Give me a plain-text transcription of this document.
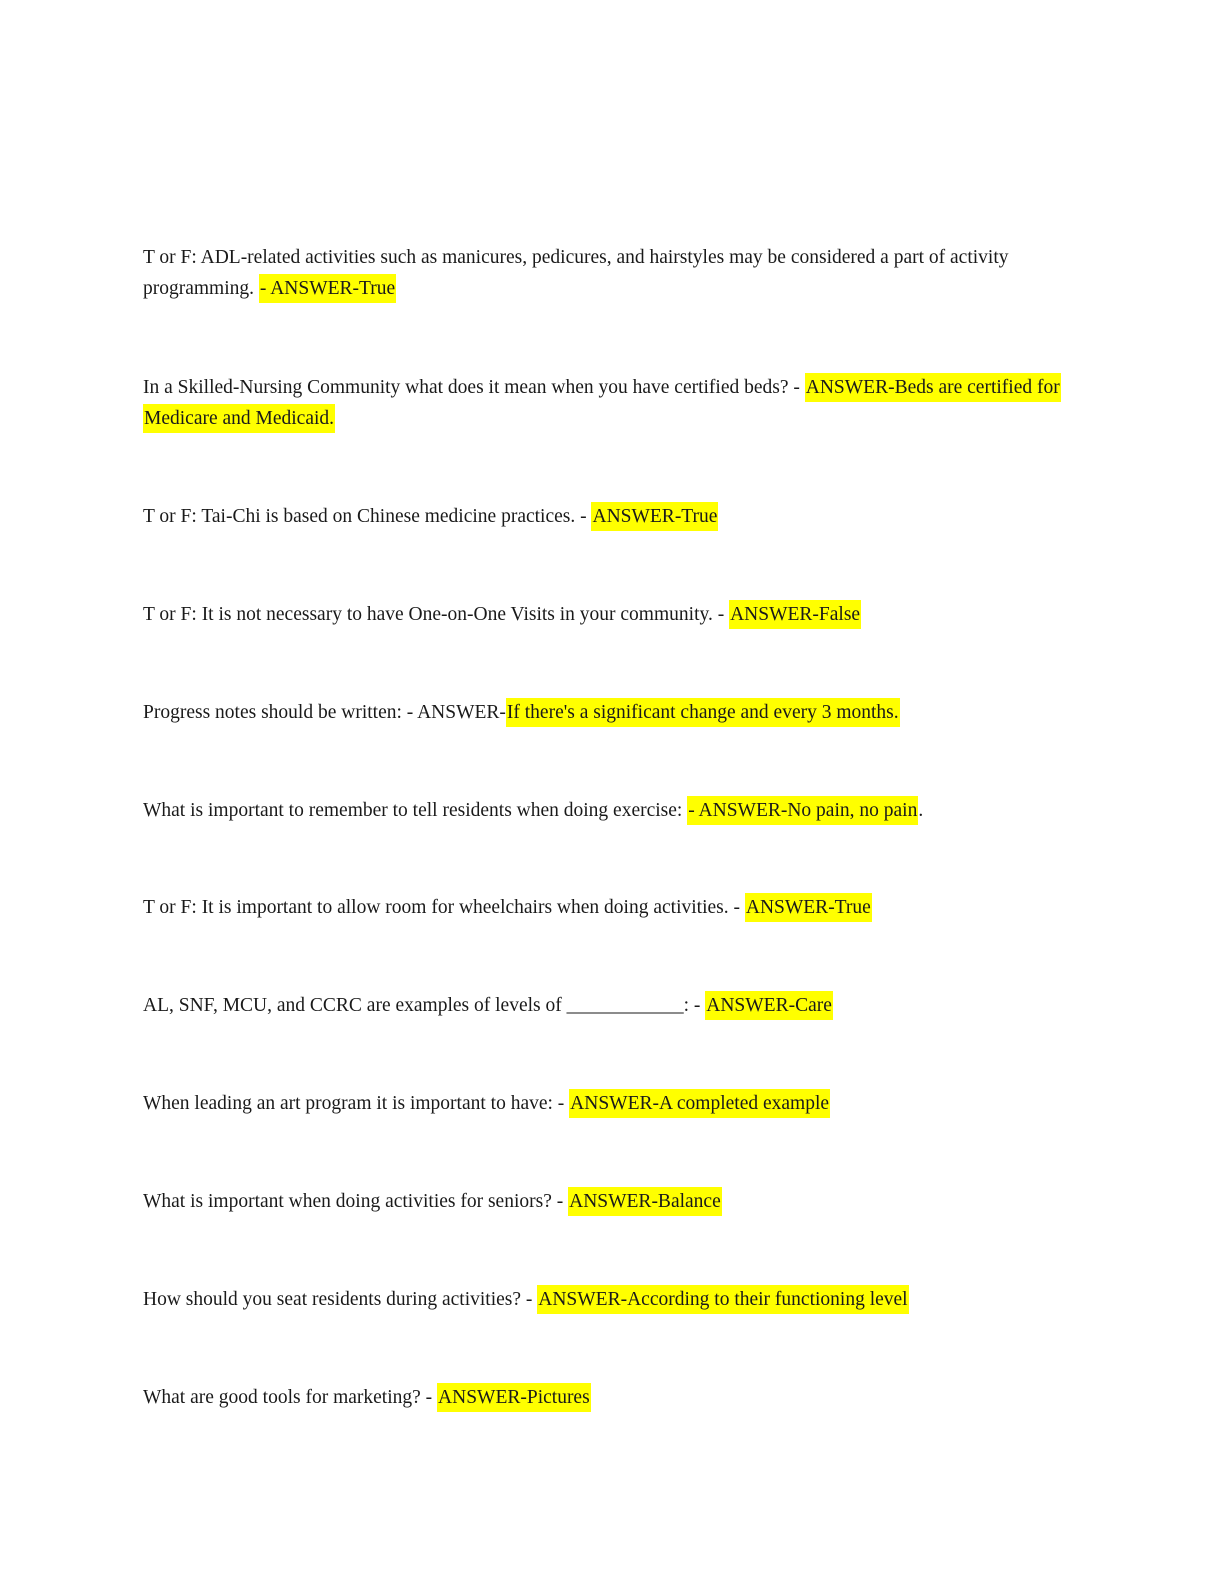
T or F: ADL-related activities such as manicures, pedicures, and hairstyles may be considered a part of activity programming. - ANSWER-True

In a Skilled-Nursing Community what does it mean when you have certified beds? - ANSWER-Beds are certified for Medicare and Medicaid.

T or F: Tai-Chi is based on Chinese medicine practices. - ANSWER-True

T or F: It is not necessary to have One-on-One Visits in your community. - ANSWER-False

Progress notes should be written: - ANSWER-If there's a significant change and every 3 months.

What is important to remember to tell residents when doing exercise: - ANSWER-No pain, no pain.

T or F: It is important to allow room for wheelchairs when doing activities. - ANSWER-True

AL, SNF, MCU, and CCRC are examples of levels of ____________: - ANSWER-Care

When leading an art program it is important to have: - ANSWER-A completed example

What is important when doing activities for seniors? - ANSWER-Balance

How should you seat residents during activities? - ANSWER-According to their functioning level

What are good tools for marketing? - ANSWER-Pictures
